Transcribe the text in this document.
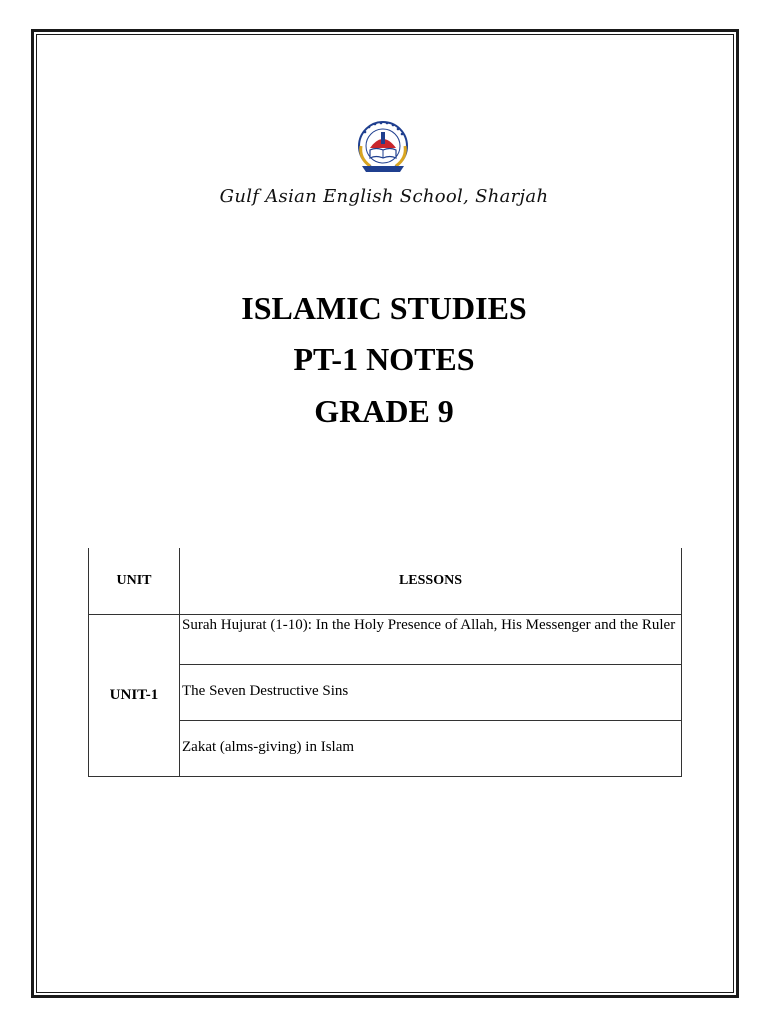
Gulf Asian English School, Sharjah
ISLAMIC STUDIES
PT-1 NOTES
GRADE 9
UNIT	LESSONS
UNIT-1	Surah Hujurat (1-10): In the Holy Presence of Allah, His Messenger and the Ruler
	The Seven Destructive Sins
	Zakat (alms-giving) in Islam
